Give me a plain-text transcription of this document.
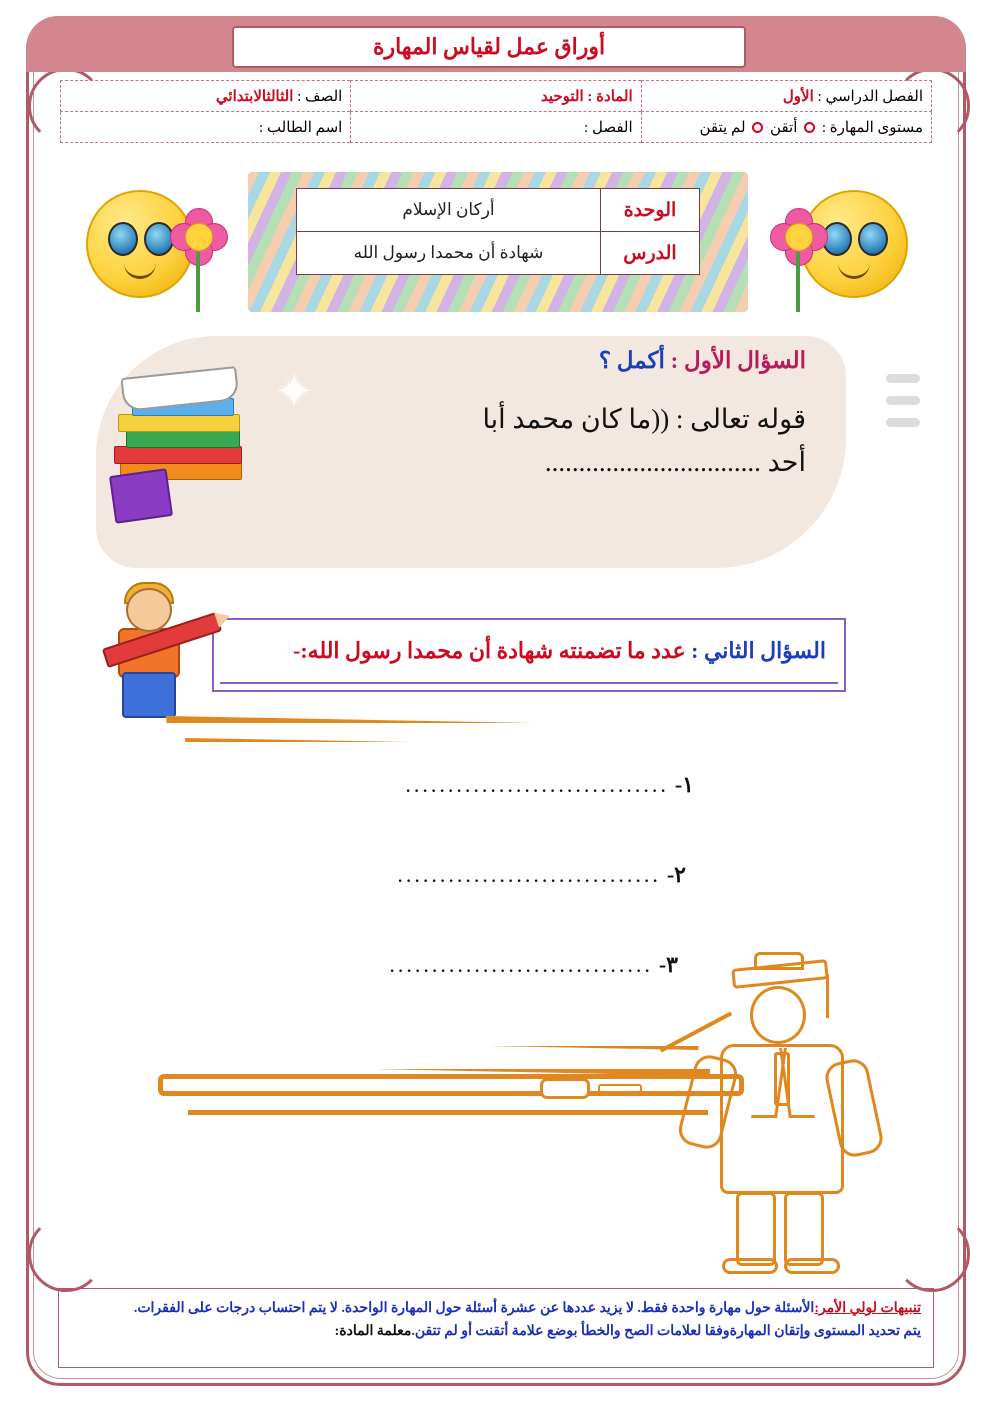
أوراق عمل لقياس المهارة
الفصل الدراسي : الأول	المادة : التوحيد	الصف : الثالثالابتدائي
مستوى المهارة :  أتقن  لم يتقن	الفصل :	اسم الطالب :
الوحدة	أركان الإسلام
الدرس	شهادة أن محمدا رسول الله
السؤال الأول : أكمل ؟
قوله تعالى : ((ما كان محمد أبا
أحد ................................
✦
السؤال الثاني : عدد ما تضمنته شهادة أن محمدا رسول الله:-
١-
...............................
٢-
...............................
٣-
...............................
تنبيهات لولي الأمر:الأسئلة حول مهارة واحدة فقط. لا يزيد عددها عن عشرة أسئلة حول المهارة الواحدة. لا يتم احتساب درجات على الفقرات.
يتم تحديد المستوى وإتقان المهارةوفقا لعلامات الصح والخطأ بوضع علامة أتقنت أو لم تتقن.معلمة المادة:
